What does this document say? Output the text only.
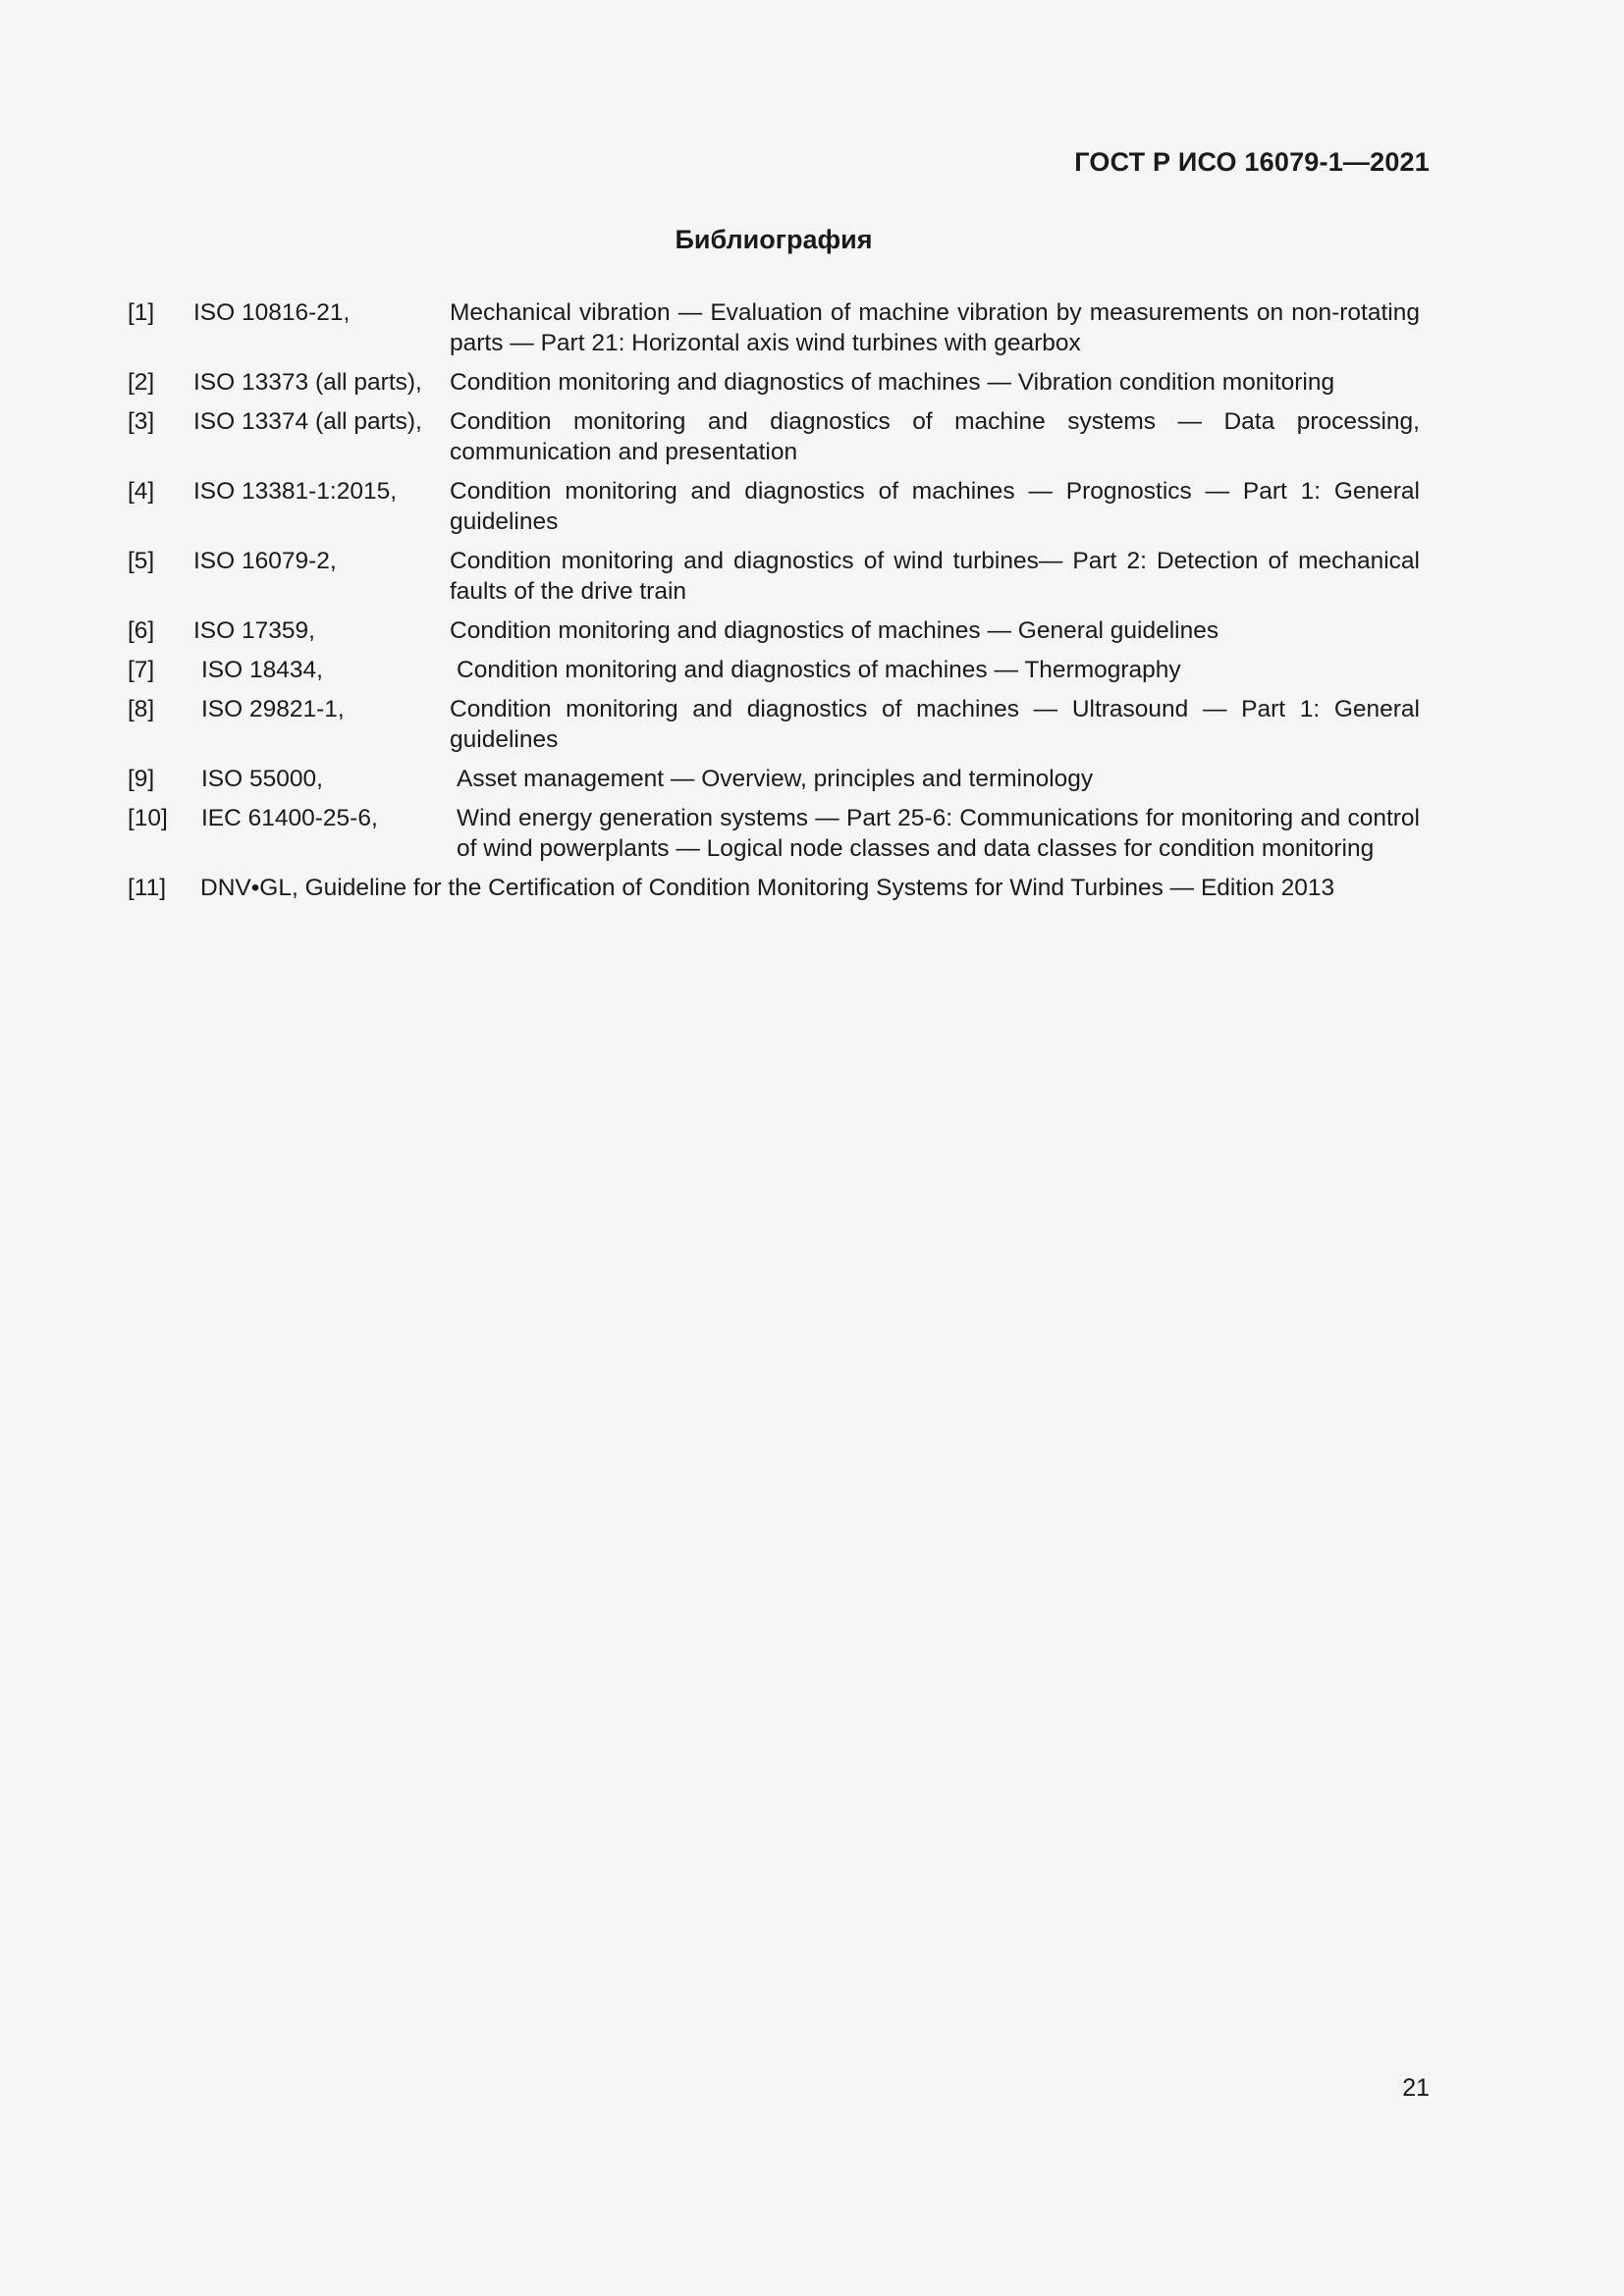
ГОСТ Р ИСО 16079-1—2021
Библиография
[1]	ISO 10816-21,	Mechanical vibration — Evaluation of machine vibration by measurements on non-rotating parts — Part 21: Horizontal axis wind turbines with gearbox
[2]	ISO 13373 (all parts),	Condition monitoring and diagnostics of machines — Vibration condition monitoring
[3]	ISO 13374 (all parts),	Condition monitoring and diagnostics of machine systems — Data processing, communication and presentation
[4]	ISO 13381-1:2015,	Condition monitoring and diagnostics of machines — Prognostics — Part 1: General guidelines
[5]	ISO 16079-2,	Condition monitoring and diagnostics of wind turbines— Part 2: Detection of mechanical faults of the drive train
[6]	ISO 17359,	Condition monitoring and diagnostics of machines — General guidelines
[7]	ISO 18434,	Condition monitoring and diagnostics of machines — Thermography
[8]	ISO 29821-1,	Condition monitoring and diagnostics of machines — Ultrasound — Part 1: General guidelines
[9]	ISO 55000,	Asset management — Overview, principles and terminology
[10]	IEC 61400-25-6,	Wind energy generation systems — Part 25-6: Communications for monitoring and control of wind powerplants — Logical node classes and data classes for condition monitoring
[11]	DNV•GL, Guideline for the Certification of Condition Monitoring Systems for Wind Turbines — Edition 2013
21
